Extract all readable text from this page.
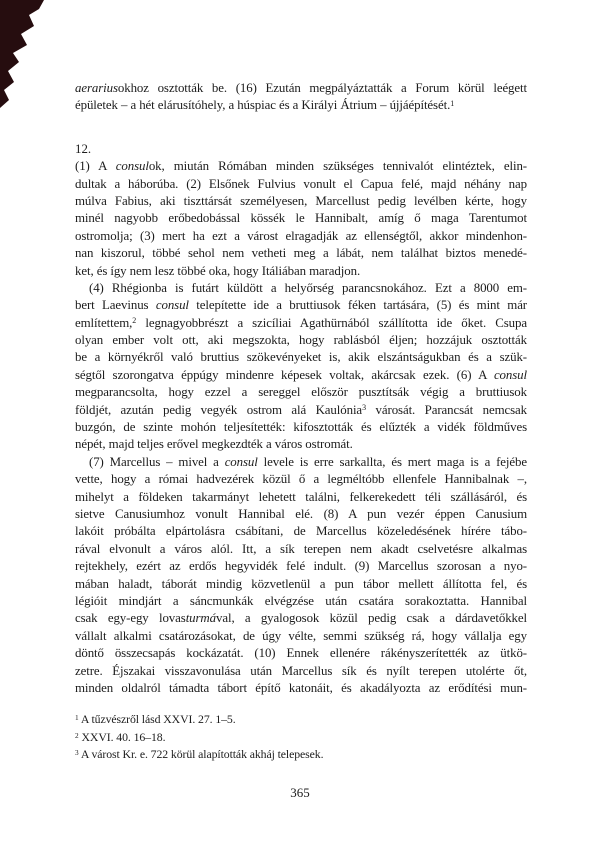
aerariusokhoz osztották be. (16) Ezután megpályáztatták a Forum körül leégett
épületek – a hét elárusítóhely, a húspiac és a Királyi Átrium – újjáépítését.$^1$
12.
(1) A consulok, miután Rómában minden szükséges tennivalót elintéztek, elin-
dultak a háborúba. (2) Elsőnek Fulvius vonult el Capua felé, majd néhány nap
múlva Fabius, aki tiszttársát személyesen, Marcellust pedig levélben kérte, hogy
minél nagyobb erőbedobással kössék le Hannibalt, amíg ő maga Tarentumot
ostromolja; (3) mert ha ezt a várost elragadják az ellenségtől, akkor mindenhon-
nan kiszorul, többé sehol nem vetheti meg a lábát, nem találhat biztos menedé-
ket, és így nem lesz többé oka, hogy Itáliában maradjon.
(4) Rhégionba is futárt küldött a helyőrség parancsnokához. Ezt a 8000 em-
bert Laevinus consul telepítette ide a bruttiusok féken tartására, (5) és mint már
említettem,$^2$ legnagyobbrészt a szicíliai Agathürnából szállította ide őket. Csupa
olyan ember volt ott, aki megszokta, hogy rablásból éljen; hozzájuk osztották
be a környékről való bruttius szökevényeket is, akik elszántságukban és a szük-
ségtől szorongatva éppúgy mindenre képesek voltak, akárcsak ezek. (6) A consul
megparancsolta, hogy ezzel a sereggel először pusztítsák végig a bruttiusok
földjét, azután pedig vegyék ostrom alá Kaulónia$^3$ városát. Parancsát nemcsak
buzgón, de szinte mohón teljesítették: kifosztották és elűzték a vidék földműves
népét, majd teljes erővel megkezdték a város ostromát.
(7) Marcellus – mivel a consul levele is erre sarkallta, és mert maga is a fejébe
vette, hogy a római hadvezérek közül ő a legméltóbb ellenfele Hannibalnak –,
mihelyt a földeken takarmányt lehetett találni, felkerekedett téli szállásáról, és
sietve Canusiumhoz vonult Hannibal elé. (8) A pun vezér éppen Canusium
lakóit próbálta elpártolásra csábítani, de Marcellus közeledésének hírére tábo-
rával elvonult a város alól. Itt, a sík terepen nem akadt cselvetésre alkalmas
rejtekhely, ezért az erdős hegyvidék felé indult. (9) Marcellus szorosan a nyo-
mában haladt, táborát mindig közvetlenül a pun tábor mellett állította fel, és
légióit mindjárt a sáncmunkák elvégzése után csatára sorakoztatta. Hannibal
csak egy-egy lovasturmával, a gyalogosok közül pedig csak a dárdavetőkkel
vállalt alkalmi csatározásokat, de úgy vélte, semmi szükség rá, hogy vállalja egy
döntő összecsapás kockázatát. (10) Ennek ellenére rákényszerítették az ütkö-
zetre. Éjszakai visszavonulása után Marcellus sík és nyílt terepen utolérte őt,
minden oldalról támadta tábort építő katonáit, és akadályozta az erődítési mun-
$^1$ A tűzvészről lásd XXVI. 27. 1–5.
$^2$ XXVI. 40. 16–18.
$^3$ A várost Kr. e. 722 körül alapították akháj telepesek.
365
